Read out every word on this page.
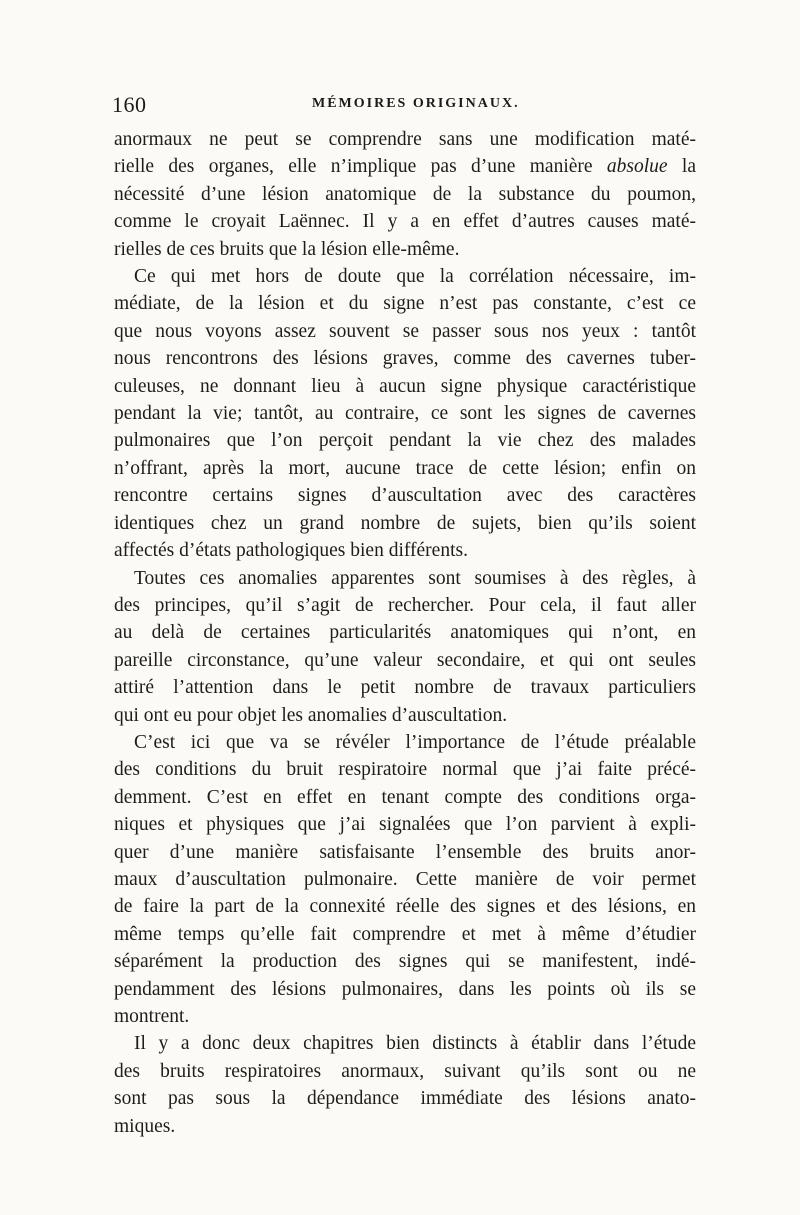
160	MÉMOIRES ORIGINAUX.
anormaux ne peut se comprendre sans une modification maté-
rielle des organes, elle n’implique pas d’une manière absolue la
nécessité d’une lésion anatomique de la substance du poumon,
comme le croyait Laënnec. Il y a en effet d’autres causes maté-
rielles de ces bruits que la lésion elle-même.
Ce qui met hors de doute que la corrélation nécessaire, im-
médiate, de la lésion et du signe n’est pas constante, c’est ce
que nous voyons assez souvent se passer sous nos yeux : tantôt
nous rencontrons des lésions graves, comme des cavernes tuber-
culeuses, ne donnant lieu à aucun signe physique caractéristique
pendant la vie; tantôt, au contraire, ce sont les signes de cavernes
pulmonaires que l’on perçoit pendant la vie chez des malades
n’offrant, après la mort, aucune trace de cette lésion; enfin on
rencontre certains signes d’auscultation avec des caractères
identiques chez un grand nombre de sujets, bien qu’ils soient
affectés d’états pathologiques bien différents.
Toutes ces anomalies apparentes sont soumises à des règles, à
des principes, qu’il s’agit de rechercher. Pour cela, il faut aller
au delà de certaines particularités anatomiques qui n’ont, en
pareille circonstance, qu’une valeur secondaire, et qui ont seules
attiré l’attention dans le petit nombre de travaux particuliers
qui ont eu pour objet les anomalies d’auscultation.
C’est ici que va se révéler l’importance de l’étude préalable
des conditions du bruit respiratoire normal que j’ai faite précé-
demment. C’est en effet en tenant compte des conditions orga-
niques et physiques que j’ai signalées que l’on parvient à expli-
quer d’une manière satisfaisante l’ensemble des bruits anor-
maux d’auscultation pulmonaire. Cette manière de voir permet
de faire la part de la connexité réelle des signes et des lésions, en
même temps qu’elle fait comprendre et met à même d’étudier
séparément la production des signes qui se manifestent, indé-
pendamment des lésions pulmonaires, dans les points où ils se
montrent.
Il y a donc deux chapitres bien distincts à établir dans l’étude
des bruits respiratoires anormaux, suivant qu’ils sont ou ne
sont pas sous la dépendance immédiate des lésions anato-
miques.
